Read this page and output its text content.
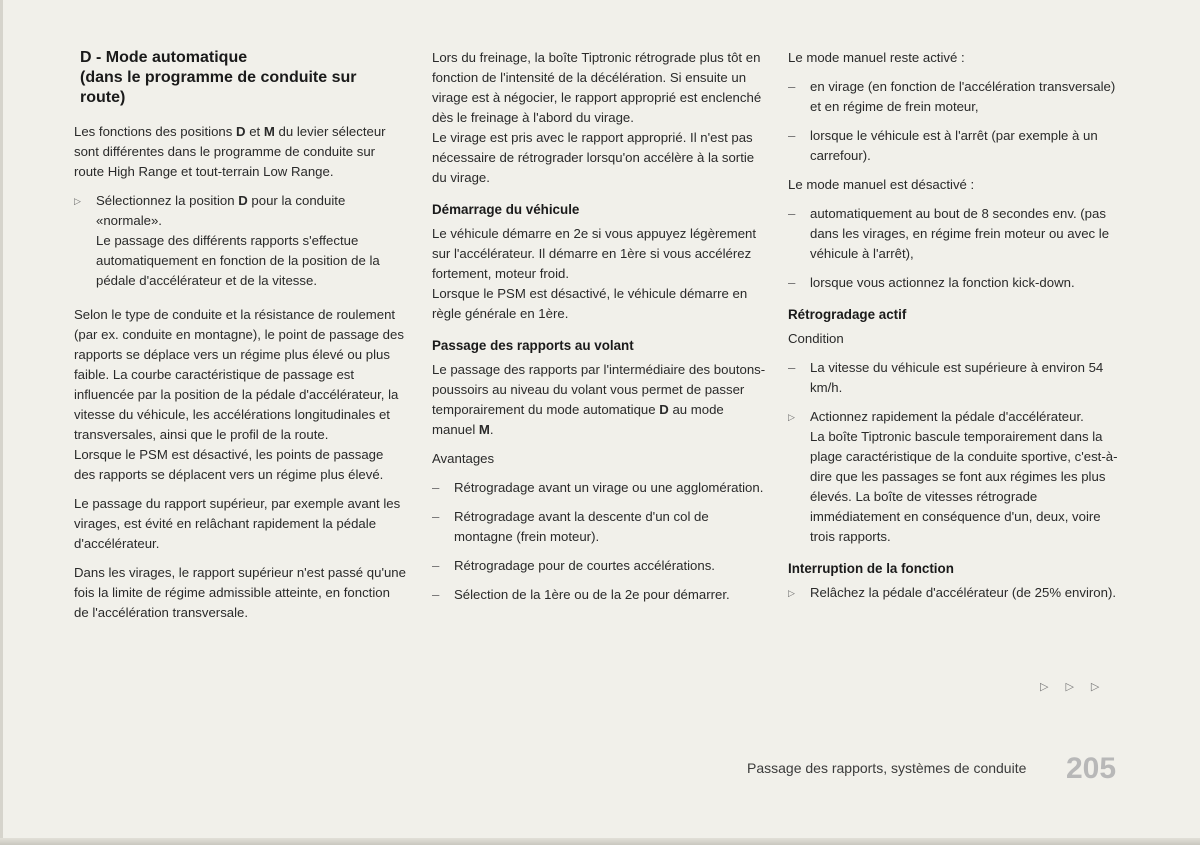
D - Mode automatique
(dans le programme de conduite sur
route)

Les fonctions des positions D et M du levier sélecteur sont différentes dans le programme de conduite sur route High Range et tout-terrain Low Range.

▷	Sélectionnez la position D pour la conduite «normale».
Le passage des différents rapports s'effectue automatiquement en fonction de la position de la pédale d'accélérateur et de la vitesse.

Selon le type de conduite et la résistance de roulement (par ex. conduite en montagne), le point de passage des rapports se déplace vers un régime plus élevé ou plus faible. La courbe caractéristique de passage est influencée par la position de la pédale d'accélérateur, la vitesse du véhicule, les accélérations longitudinales et transversales, ainsi que le profil de la route.

Lorsque le PSM est désactivé, les points de passage des rapports se déplacent vers un régime plus élevé.

Le passage du rapport supérieur, par exemple avant les virages, est évité en relâchant rapidement la pédale d'accélérateur.

Dans les virages, le rapport supérieur n'est passé qu'une fois la limite de régime admissible atteinte, en fonction de l'accélération transversale.

Lors du freinage, la boîte Tiptronic rétrograde plus tôt en fonction de l'intensité de la décélération. Si ensuite un virage est à négocier, le rapport approprié est enclenché dès le freinage à l'abord du virage.

Le virage est pris avec le rapport approprié. Il n'est pas nécessaire de rétrograder lorsqu'on accélère à la sortie du virage.

Démarrage du véhicule

Le véhicule démarre en 2e si vous appuyez légèrement sur l'accélérateur. Il démarre en 1ère si vous accélérez fortement, moteur froid.

Lorsque le PSM est désactivé, le véhicule démarre en règle générale en 1ère.

Passage des rapports au volant

Le passage des rapports par l'intermédiaire des boutons-poussoirs au niveau du volant vous permet de passer temporairement du mode automatique D au mode manuel M.

Avantages

–	Rétrogradage avant un virage ou une agglomération.
–	Rétrogradage avant la descente d'un col de montagne (frein moteur).
–	Rétrogradage pour de courtes accélérations.
–	Sélection de la 1ère ou de la 2e pour démarrer.

Le mode manuel reste activé :

–	en virage (en fonction de l'accélération transversale) et en régime de frein moteur,
–	lorsque le véhicule est à l'arrêt (par exemple à un carrefour).

Le mode manuel est désactivé :

–	automatiquement au bout de 8 secondes env. (pas dans les virages, en régime frein moteur ou avec le véhicule à l'arrêt),
–	lorsque vous actionnez la fonction kick-down.
Rétrogradage actif

Condition

–	La vitesse du véhicule est supérieure à environ 54 km/h.
▷	Actionnez rapidement la pédale d'accélérateur.
La boîte Tiptronic bascule temporairement dans la plage caractéristique de la conduite sportive, c'est-à-dire que les passages se font aux régimes les plus élevés. La boîte de vitesses rétrograde immédiatement en conséquence d'un, deux, voire trois rapports.
Interruption de la fonction
▷	Relâchez la pédale d'accélérateur (de 25% environ).
▷▷▷
Passage des rapports, systèmes de conduite 205
